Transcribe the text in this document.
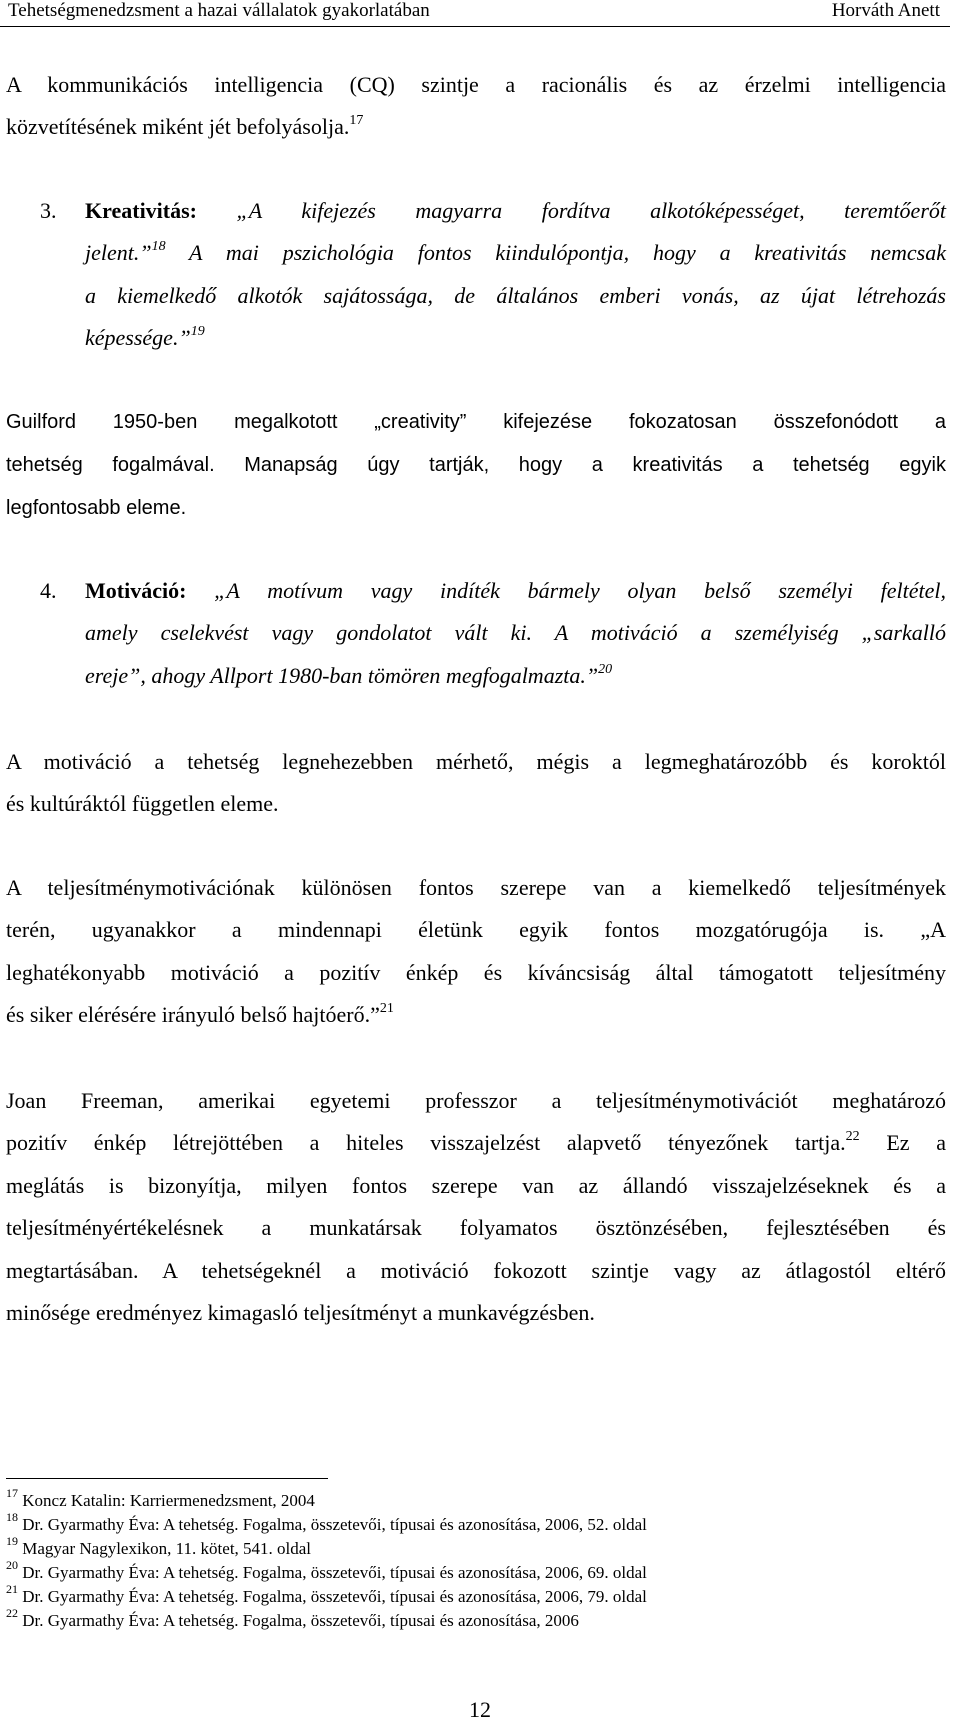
Tehetségmenedzsment a hazai vállalatok gyakorlatában	Horváth Anett
A kommunikációs intelligencia (CQ) szintje a racionális és az érzelmi intelligencia
közvetítésének miként jét befolyásolja.$^{17}$
3. Kreativitás: „A kifejezés magyarra fordítva alkotóképességet, teremtőerőt
jelent.”$^{18}$ A mai pszichológia fontos kiindulópontja, hogy a kreativitás nemcsak
a kiemelkedő alkotók sajátossága, de általános emberi vonás, az újat létrehozás
képessége.”$^{19}$
Guilford 1950-ben megalkotott „creativity” kifejezése fokozatosan összefonódott a
tehetség fogalmával. Manapság úgy tartják, hogy a kreativitás a tehetség egyik
legfontosabb eleme.
4. Motiváció: „A motívum vagy indíték bármely olyan belső személyi feltétel,
amely cselekvést vagy gondolatot vált ki. A motiváció a személyiség „sarkalló
ereje”, ahogy Allport 1980-ban tömören megfogalmazta.”$^{20}$
A motiváció a tehetség legnehezebben mérhető, mégis a legmeghatározóbb és koroktól
és kultúráktól független eleme.
A teljesítménymotivációnak különösen fontos szerepe van a kiemelkedő teljesítmények
terén, ugyanakkor a mindennapi életünk egyik fontos mozgatórugója is. „A
leghatékonyabb motiváció a pozitív énkép és kíváncsiság által támogatott teljesítmény
és siker elérésére irányuló belső hajtóerő.”$^{21}$
Joan Freeman, amerikai egyetemi professzor a teljesítménymotivációt meghatározó
pozitív énkép létrejöttében a hiteles visszajelzést alapvető tényezőnek tartja.$^{22}$ Ez a
meglátás is bizonyítja, milyen fontos szerepe van az állandó visszajelzéseknek és a
teljesítményértékelésnek a munkatársak folyamatos ösztönzésében, fejlesztésében és
megtartásában. A tehetségeknél a motiváció fokozott szintje vagy az átlagostól eltérő
minősége eredményez kimagasló teljesítményt a munkavégzésben.
$^{17}$ Koncz Katalin: Karriermenedzsment, 2004
$^{18}$ Dr. Gyarmathy Éva: A tehetség. Fogalma, összetevői, típusai és azonosítása, 2006, 52. oldal
$^{19}$ Magyar Nagylexikon, 11. kötet, 541. oldal
$^{20}$ Dr. Gyarmathy Éva: A tehetség. Fogalma, összetevői, típusai és azonosítása, 2006, 69. oldal
$^{21}$ Dr. Gyarmathy Éva: A tehetség. Fogalma, összetevői, típusai és azonosítása, 2006, 79. oldal
$^{22}$ Dr. Gyarmathy Éva: A tehetség. Fogalma, összetevői, típusai és azonosítása, 2006
12
